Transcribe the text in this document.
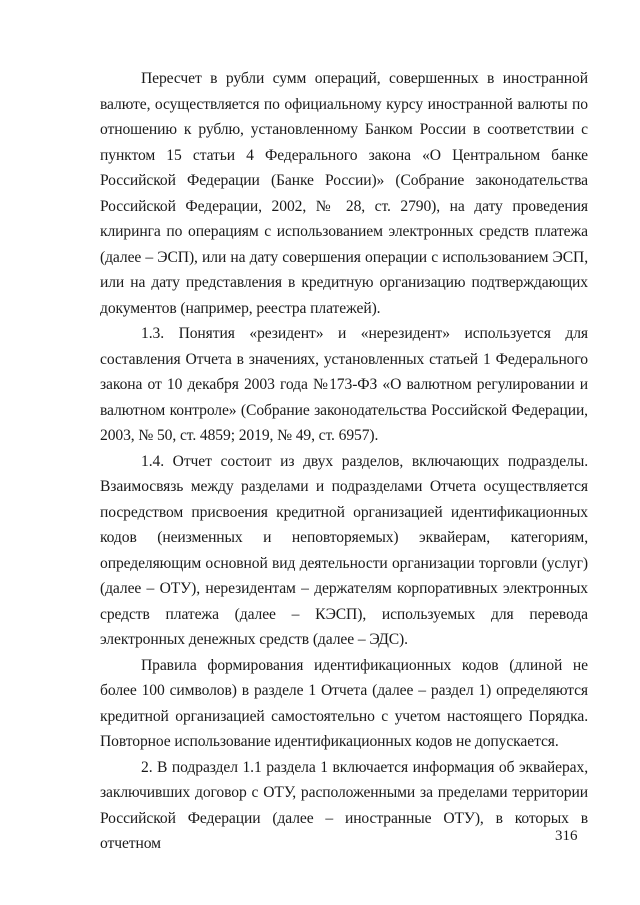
Пересчет в рубли сумм операций, совершенных в иностранной валюте, осуществляется по официальному курсу иностранной валюты по отношению к рублю, установленному Банком России в соответствии с пунктом 15 статьи 4 Федерального закона «О Центральном банке Российской Федерации (Банке России)» (Собрание законодательства Российской Федерации, 2002, № 28, ст. 2790), на дату проведения клиринга по операциям с использованием электронных средств платежа (далее – ЭСП), или на дату совершения операции с использованием ЭСП, или на дату представления в кредитную организацию подтверждающих документов (например, реестра платежей).

1.3. Понятия «резидент» и «нерезидент» используется для составления Отчета в значениях, установленных статьей 1 Федерального закона от 10 декабря 2003 года №173-ФЗ «О валютном регулировании и валютном контроле» (Собрание законодательства Российской Федерации, 2003, № 50, ст. 4859; 2019, № 49, ст. 6957).

1.4. Отчет состоит из двух разделов, включающих подразделы. Взаимосвязь между разделами и подразделами Отчета осуществляется посредством присвоения кредитной организацией идентификационных кодов (неизменных и неповторяемых) эквайерам, категориям, определяющим основной вид деятельности организации торговли (услуг) (далее – ОТУ), нерезидентам – держателям корпоративных электронных средств платежа (далее – КЭСП), используемых для перевода электронных денежных средств (далее – ЭДС).

Правила формирования идентификационных кодов (длиной не более 100 символов) в разделе 1 Отчета (далее – раздел 1) определяются кредитной организацией самостоятельно с учетом настоящего Порядка. Повторное использование идентификационных кодов не допускается.

2. В подраздел 1.1 раздела 1 включается информация об эквайерах, заключивших договор с ОТУ, расположенными за пределами территории Российской Федерации (далее – иностранные ОТУ), в которых в отчетном	316
